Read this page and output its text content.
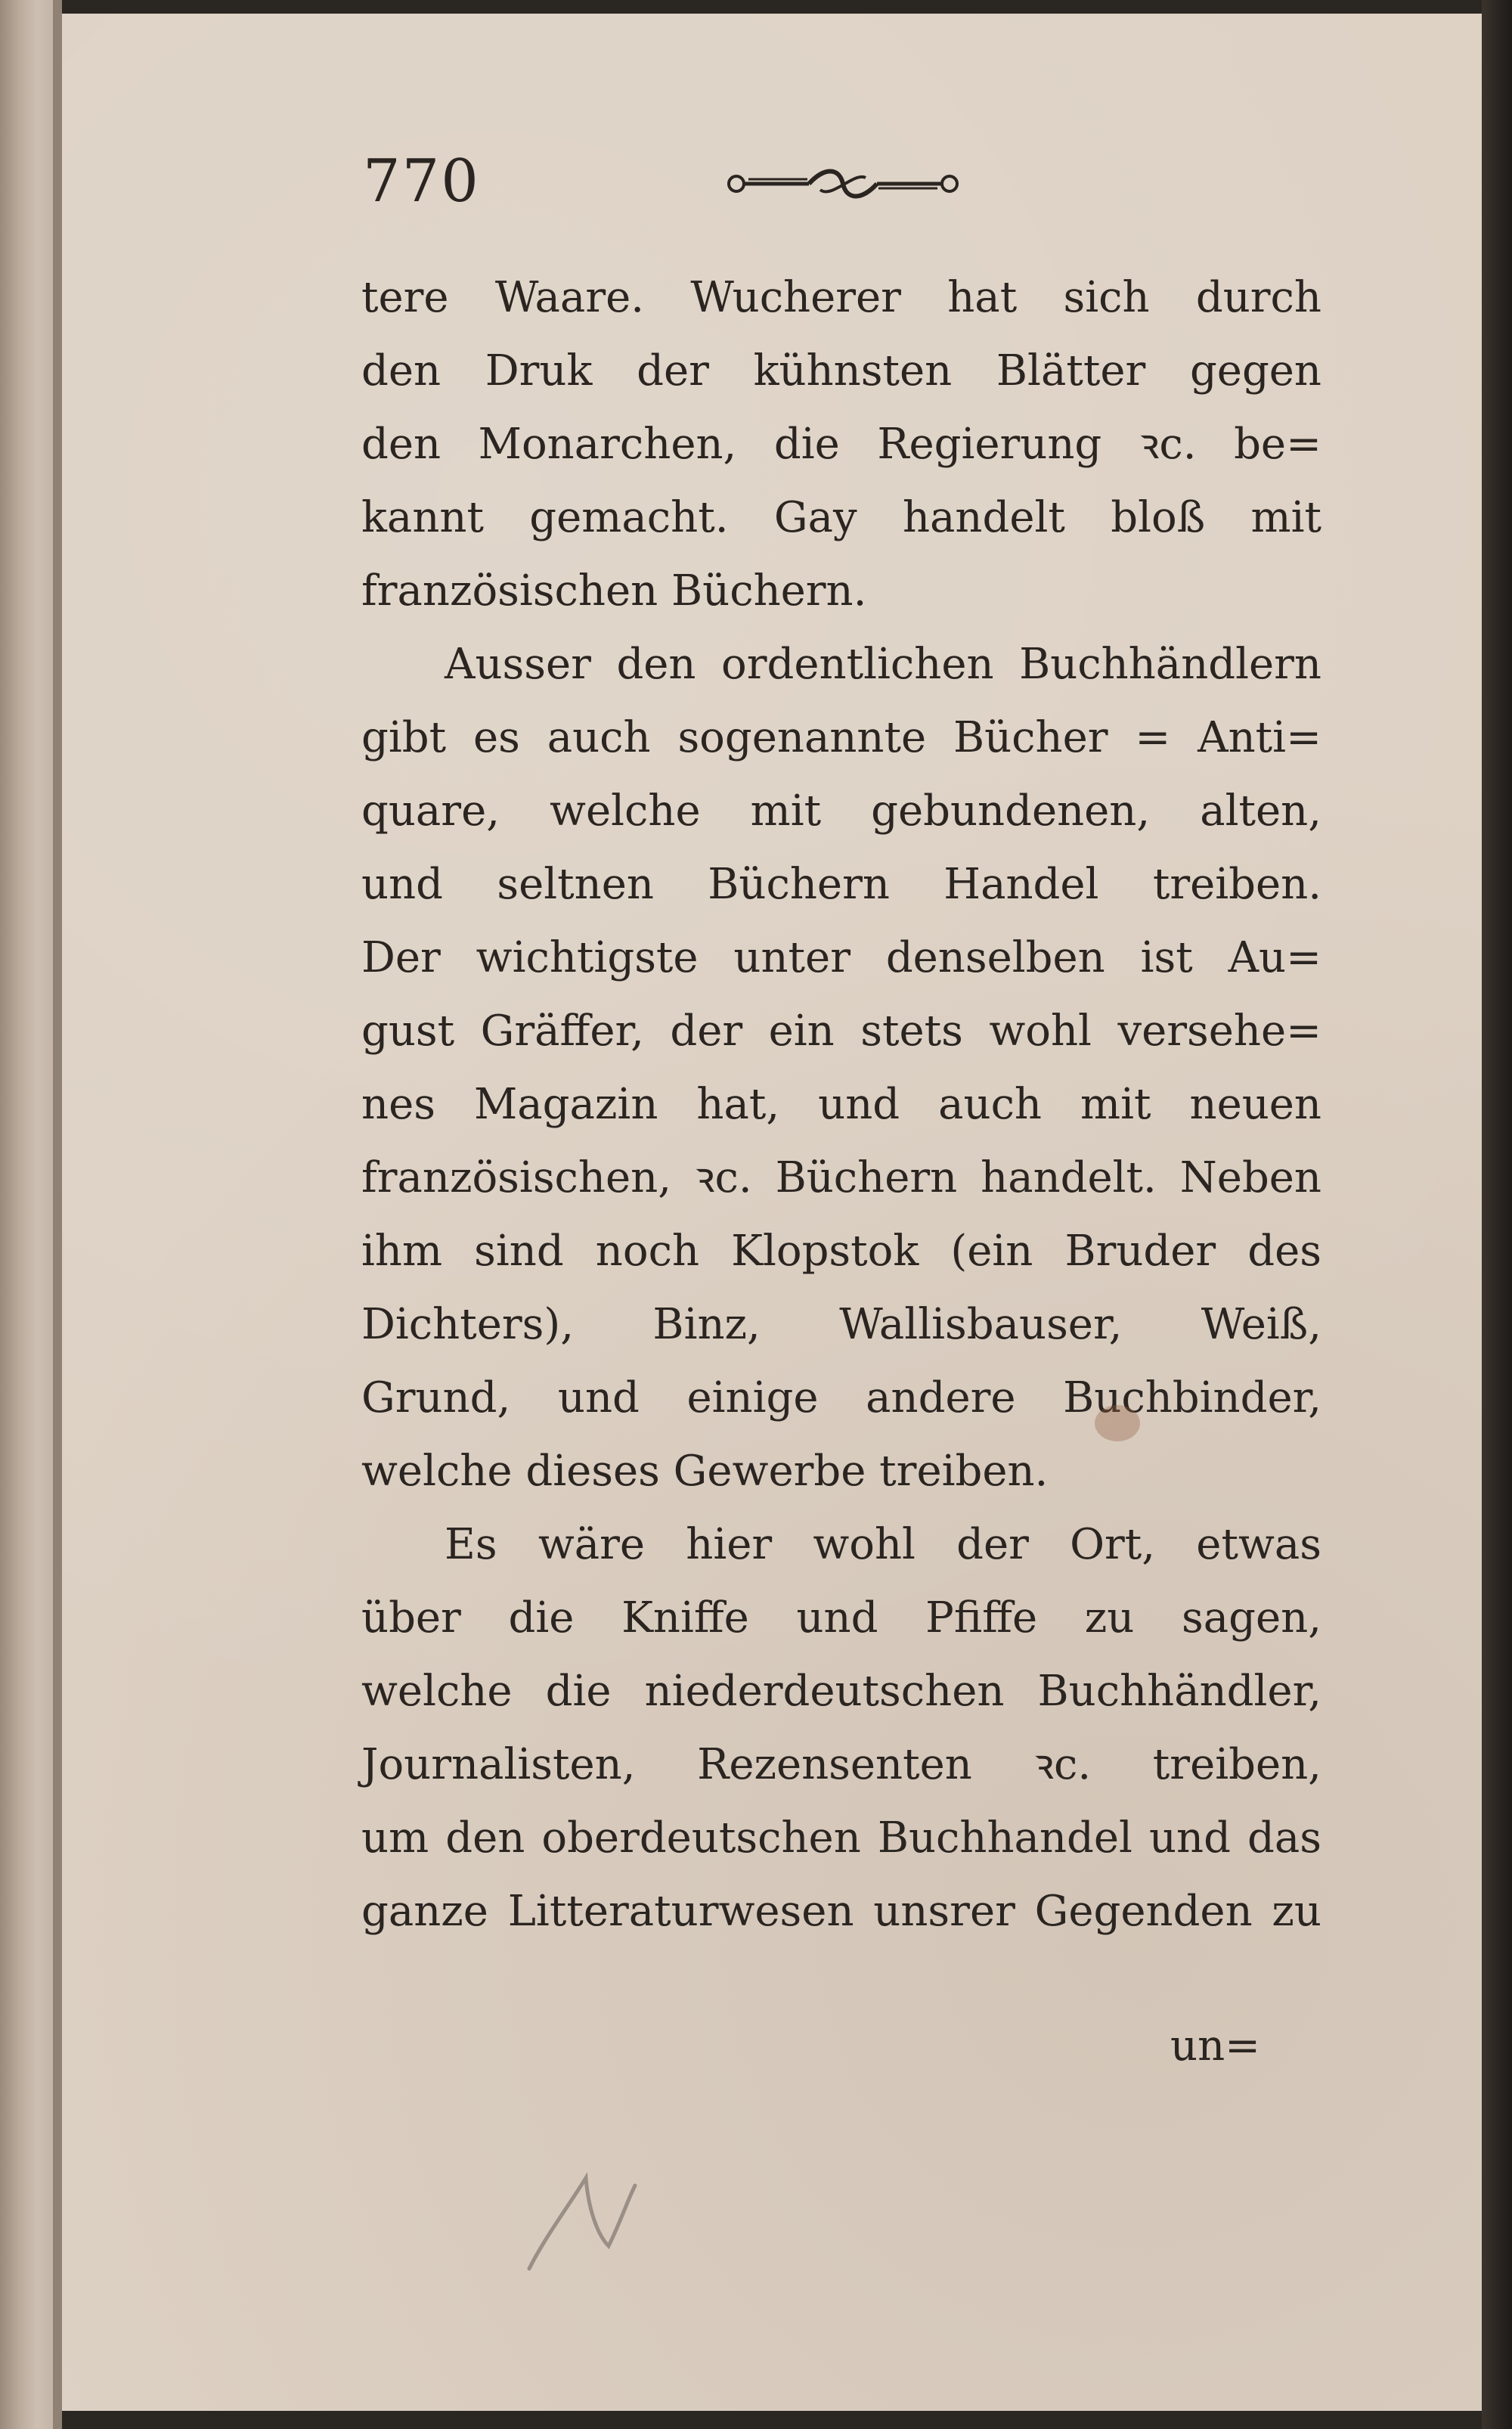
770
tere Waare. Wucherer hat sich durch
den Druk der kühnsten Blätter gegen
den Monarchen, die Regierung ꝛc. be=
kannt gemacht. Gay handelt bloß mit
französischen Büchern.
Ausser den ordentlichen Buchhändlern
gibt es auch sogenannte Bücher = Anti=
quare, welche mit gebundenen, alten,
und seltnen Büchern Handel treiben.
Der wichtigste unter denselben ist Au=
gust Gräffer, der ein stets wohl versehe=
nes Magazin hat, und auch mit neuen
französischen, ꝛc. Büchern handelt. Neben
ihm sind noch Klopstok (ein Bruder des
Dichters), Binz, Wallisbauser, Weiß,
Grund, und einige andere Buchbinder,
welche dieses Gewerbe treiben.
Es wäre hier wohl der Ort, etwas
über die Kniffe und Pfiffe zu sagen,
welche die niederdeutschen Buchhändler,
Journalisten, Rezensenten ꝛc. treiben,
um den oberdeutschen Buchhandel und das
ganze Litteraturwesen unsrer Gegenden zu
un=
